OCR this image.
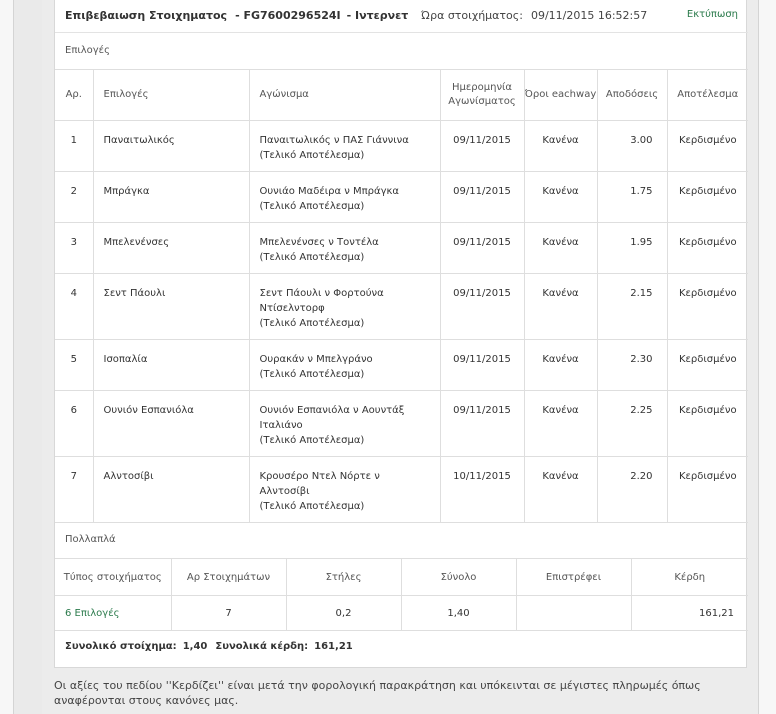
Επιβεβαιωση Στοιχηματος - FG7600296524I - Ιντερνετ Ώρα στοιχήματος: 09/11/2015 16:52:57	Εκτύπωση
Επιλογές
Αρ.	Επιλογές	Αγώνισμα	Ημερομηνία Αγωνίσματος	Όροι eachway	Αποδόσεις	Αποτέλεσμα
1	Παναιτωλικός	Παναιτωλικός ν ΠΑΣ Γιάννινα
(Τελικό Αποτέλεσμα)	09/11/2015	Κανένα	3.00	Κερδισμένο
2	Μπράγκα	Ουνιάο Μαδέιρα ν Μπράγκα
(Τελικό Αποτέλεσμα)	09/11/2015	Κανένα	1.75	Κερδισμένο
3	Μπελενένσες	Μπελενένσες ν Τοντέλα
(Τελικό Αποτέλεσμα)	09/11/2015	Κανένα	1.95	Κερδισμένο
4	Σεντ Πάουλι	Σεντ Πάουλι ν Φορτούνα
Ντίσελντορφ
(Τελικό Αποτέλεσμα)	09/11/2015	Κανένα	2.15	Κερδισμένο
5	Ισοπαλία	Ουρακάν ν Μπελγράνο
(Τελικό Αποτέλεσμα)	09/11/2015	Κανένα	2.30	Κερδισμένο
6	Ουνιόν Εσπανιόλα	Ουνιόν Εσπανιόλα ν Αουντάξ
Ιταλιάνο
(Τελικό Αποτέλεσμα)	09/11/2015	Κανένα	2.25	Κερδισμένο
7	Αλντοσίβι	Κρουσέρο Ντελ Νόρτε ν
Αλντοσίβι
(Τελικό Αποτέλεσμα)	10/11/2015	Κανένα	2.20	Κερδισμένο
Πολλαπλά
Τύπος στοιχήματος	Αρ Στοιχημάτων	Στήλες	Σύνολο	Επιστρέφει	Κέρδη
6 Επιλογές	7	0,2	1,40		161,21
Συνολικό στοίχημα: 1,40 Συνολικά κέρδη: 161,21
Οι αξίες του πεδίου ''Κερδίζει'' είναι μετά την φορολογική παρακράτηση και υπόκεινται σε μέγιστες πληρωμές όπως αναφέρονται στους κανόνες μας.
